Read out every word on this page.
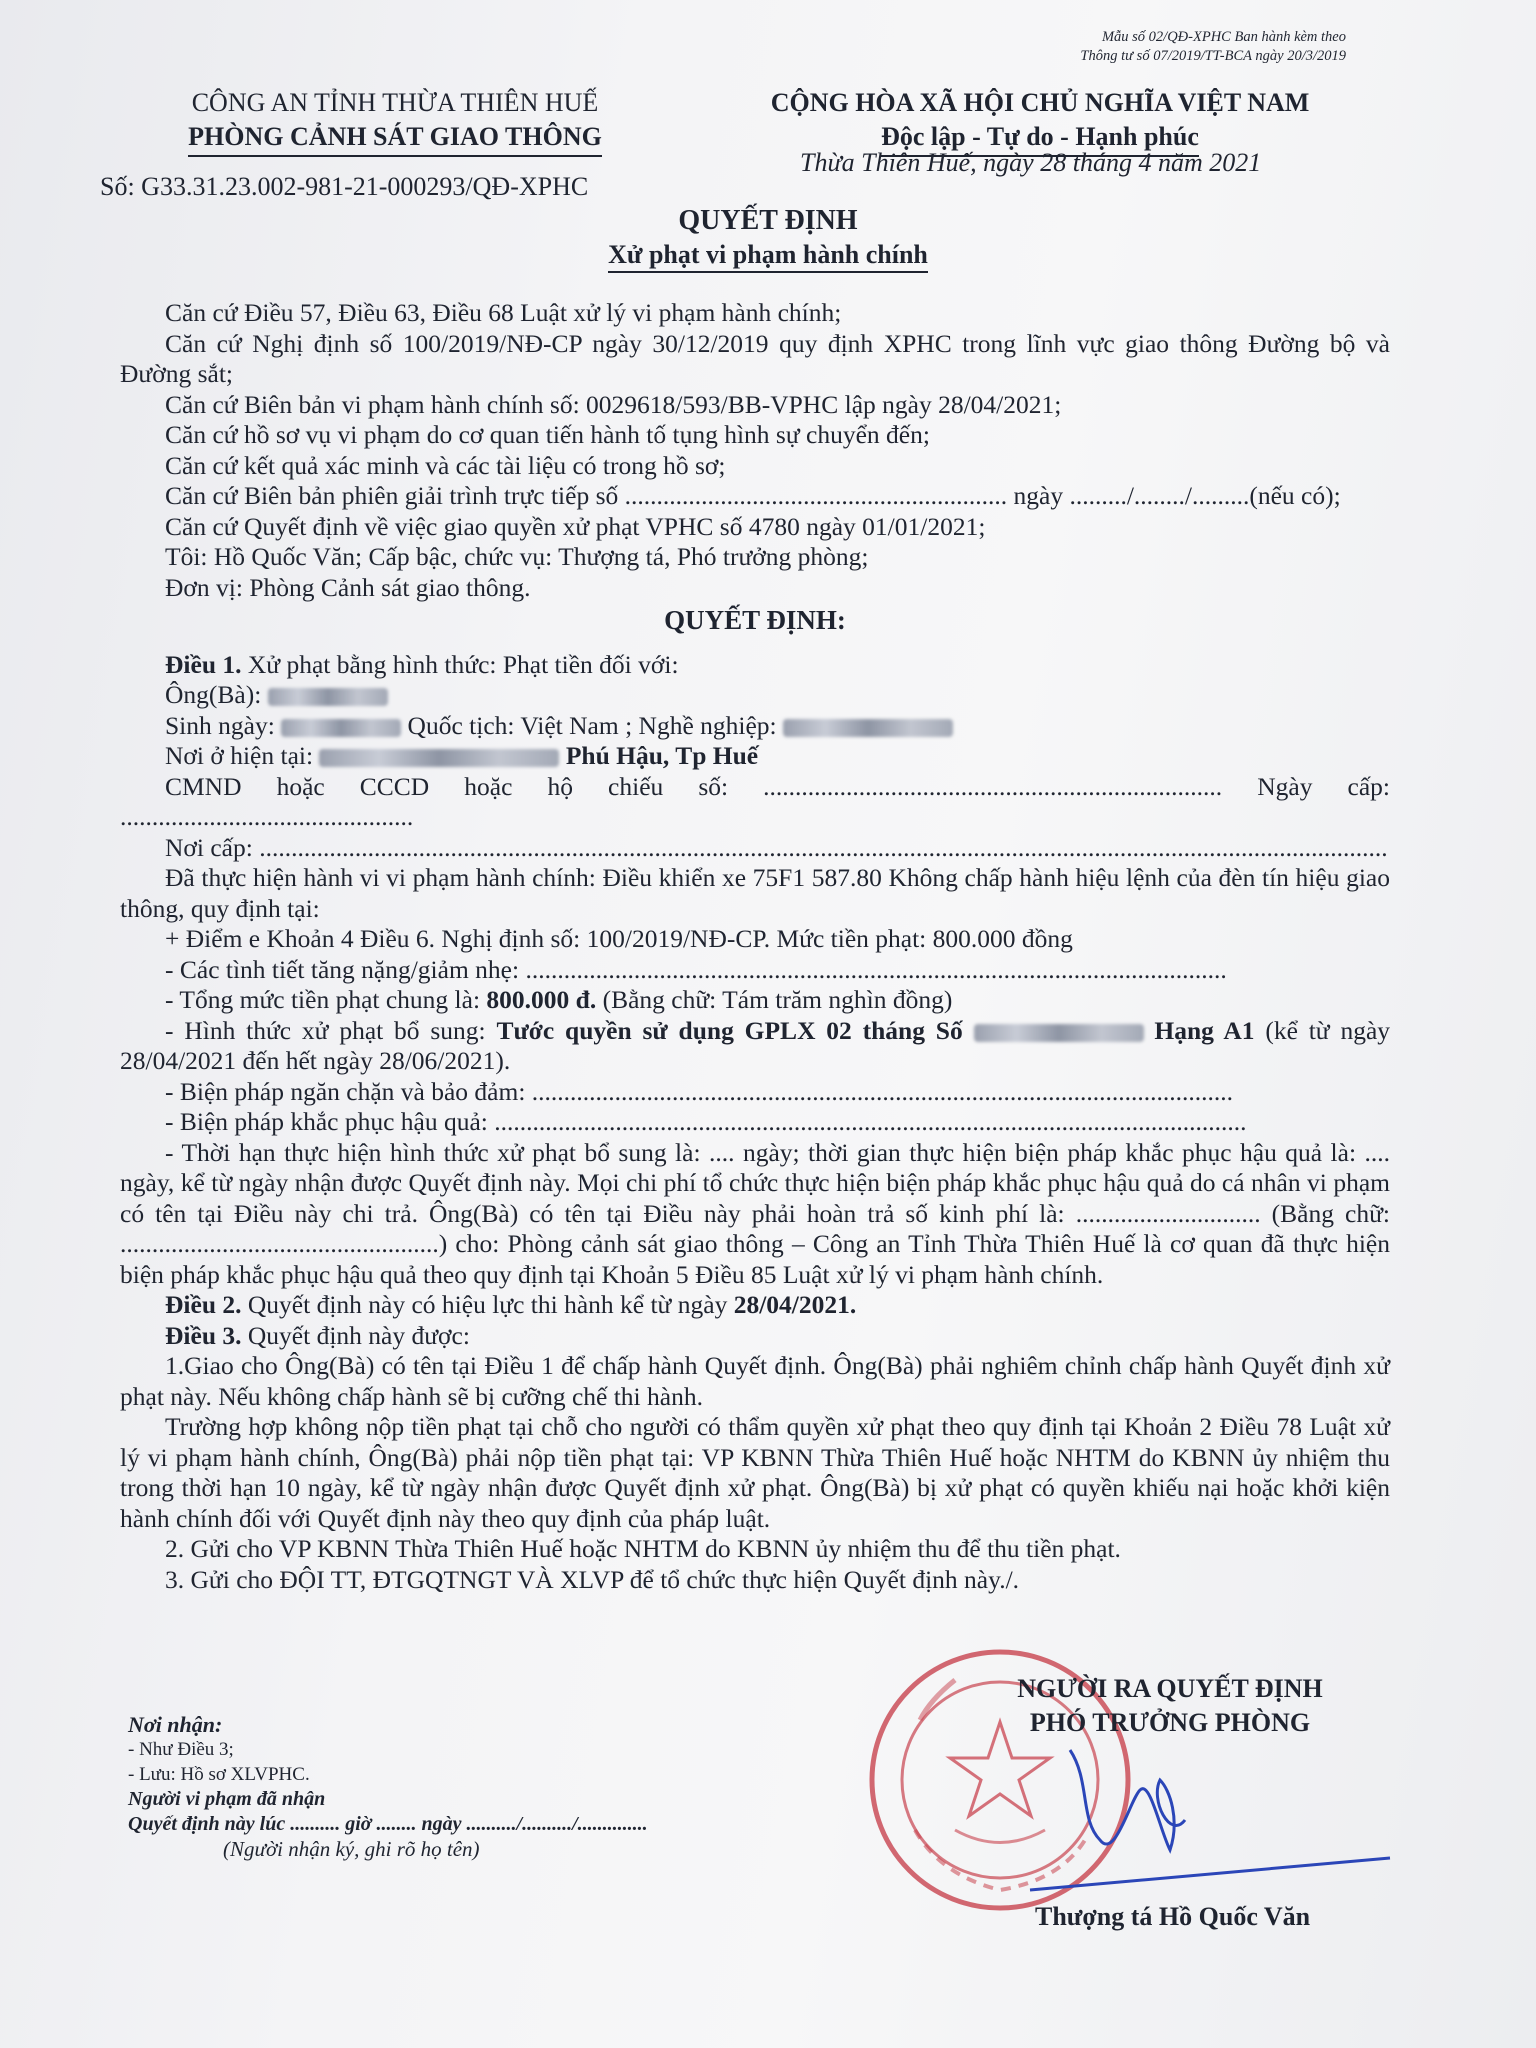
Mẫu số 02/QĐ-XPHC Ban hành kèm theo
Thông tư số 07/2019/TT-BCA ngày 20/3/2019
CÔNG AN TỈNH THỪA THIÊN HUẾ
PHÒNG CẢNH SÁT GIAO THÔNG
CỘNG HÒA XÃ HỘI CHỦ NGHĨA VIỆT NAM
Độc lập - Tự do - Hạnh phúc
Số: G33.31.23.002-981-21-000293/QĐ-XPHC
Thừa Thiên Huế, ngày 28 tháng 4 năm 2021
QUYẾT ĐỊNH
Xử phạt vi phạm hành chính

Căn cứ Điều 57, Điều 63, Điều 68 Luật xử lý vi phạm hành chính;

Căn cứ Nghị định số 100/2019/NĐ-CP ngày 30/12/2019 quy định XPHC trong lĩnh vực giao thông Đường bộ và Đường sắt;

Căn cứ Biên bản vi phạm hành chính số: 0029618/593/BB-VPHC lập ngày 28/04/2021;

Căn cứ hồ sơ vụ vi phạm do cơ quan tiến hành tố tụng hình sự chuyển đến;

Căn cứ kết quả xác minh và các tài liệu có trong hồ sơ;

Căn cứ Biên bản phiên giải trình trực tiếp số ............................................................ ngày ........./......../.........(nếu có);

Căn cứ Quyết định về việc giao quyền xử phạt VPHC số 4780 ngày 01/01/2021;

Tôi: Hồ Quốc Văn; Cấp bậc, chức vụ: Thượng tá, Phó trưởng phòng;

Đơn vị: Phòng Cảnh sát giao thông.

QUYẾT ĐỊNH:

Điều 1. Xử phạt bằng hình thức: Phạt tiền đối với:

Ông(Bà):

Sinh ngày:	Quốc tịch: Việt Nam ; Nghề nghiệp:

Nơi ở hiện tại:	Phú Hậu, Tp Huế

CMND hoặc CCCD hoặc hộ chiếu số: ........................................................................ Ngày cấp: ..............................................

Nơi cấp: .................................................................................................................................................................................

Đã thực hiện hành vi vi phạm hành chính: Điều khiển xe 75F1 587.80 Không chấp hành hiệu lệnh của đèn tín hiệu giao thông, quy định tại:

+ Điểm e Khoản 4 Điều 6. Nghị định số: 100/2019/NĐ-CP. Mức tiền phạt: 800.000 đồng

- Các tình tiết tăng nặng/giảm nhẹ: ..............................................................................................................

- Tổng mức tiền phạt chung là: 800.000 đ. (Bằng chữ: Tám trăm nghìn đồng)

- Hình thức xử phạt bổ sung: Tước quyền sử dụng GPLX 02 tháng Số	Hạng A1 (kể từ ngày 28/04/2021 đến hết ngày 28/06/2021).

- Biện pháp ngăn chặn và bảo đảm: ..............................................................................................................

- Biện pháp khắc phục hậu quả: ......................................................................................................................

- Thời hạn thực hiện hình thức xử phạt bổ sung là: .... ngày; thời gian thực hiện biện pháp khắc phục hậu quả là: .... ngày, kể từ ngày nhận được Quyết định này. Mọi chi phí tổ chức thực hiện biện pháp khắc phục hậu quả do cá nhân vi phạm có tên tại Điều này chi trả. Ông(Bà) có tên tại Điều này phải hoàn trả số kinh phí là: ............................. (Bằng chữ: ..................................................) cho: Phòng cảnh sát giao thông – Công an Tỉnh Thừa Thiên Huế là cơ quan đã thực hiện biện pháp khắc phục hậu quả theo quy định tại Khoản 5 Điều 85 Luật xử lý vi phạm hành chính.

Điều 2. Quyết định này có hiệu lực thi hành kể từ ngày 28/04/2021.

Điều 3. Quyết định này được:

1.Giao cho Ông(Bà) có tên tại Điều 1 để chấp hành Quyết định. Ông(Bà) phải nghiêm chỉnh chấp hành Quyết định xử phạt này. Nếu không chấp hành sẽ bị cưỡng chế thi hành.

Trường hợp không nộp tiền phạt tại chỗ cho người có thẩm quyền xử phạt theo quy định tại Khoản 2 Điều 78 Luật xử lý vi phạm hành chính, Ông(Bà) phải nộp tiền phạt tại: VP KBNN Thừa Thiên Huế hoặc NHTM do KBNN ủy nhiệm thu trong thời hạn 10 ngày, kể từ ngày nhận được Quyết định xử phạt. Ông(Bà) bị xử phạt có quyền khiếu nại hoặc khởi kiện hành chính đối với Quyết định này theo quy định của pháp luật.

2. Gửi cho VP KBNN Thừa Thiên Huế hoặc NHTM do KBNN ủy nhiệm thu để thu tiền phạt.

3. Gửi cho ĐỘI TT, ĐTGQTNGT VÀ XLVP để tổ chức thực hiện Quyết định này./.

Nơi nhận:
- Như Điều 3;
- Lưu: Hồ sơ XLVPHC.
Người vi phạm đã nhận
Quyết định này lúc .......... giờ ........ ngày ........../........../..............
(Người nhận ký, ghi rõ họ tên)
NGƯỜI RA QUYẾT ĐỊNH
PHÓ TRƯỞNG PHÒNG
Thượng tá Hồ Quốc Văn
